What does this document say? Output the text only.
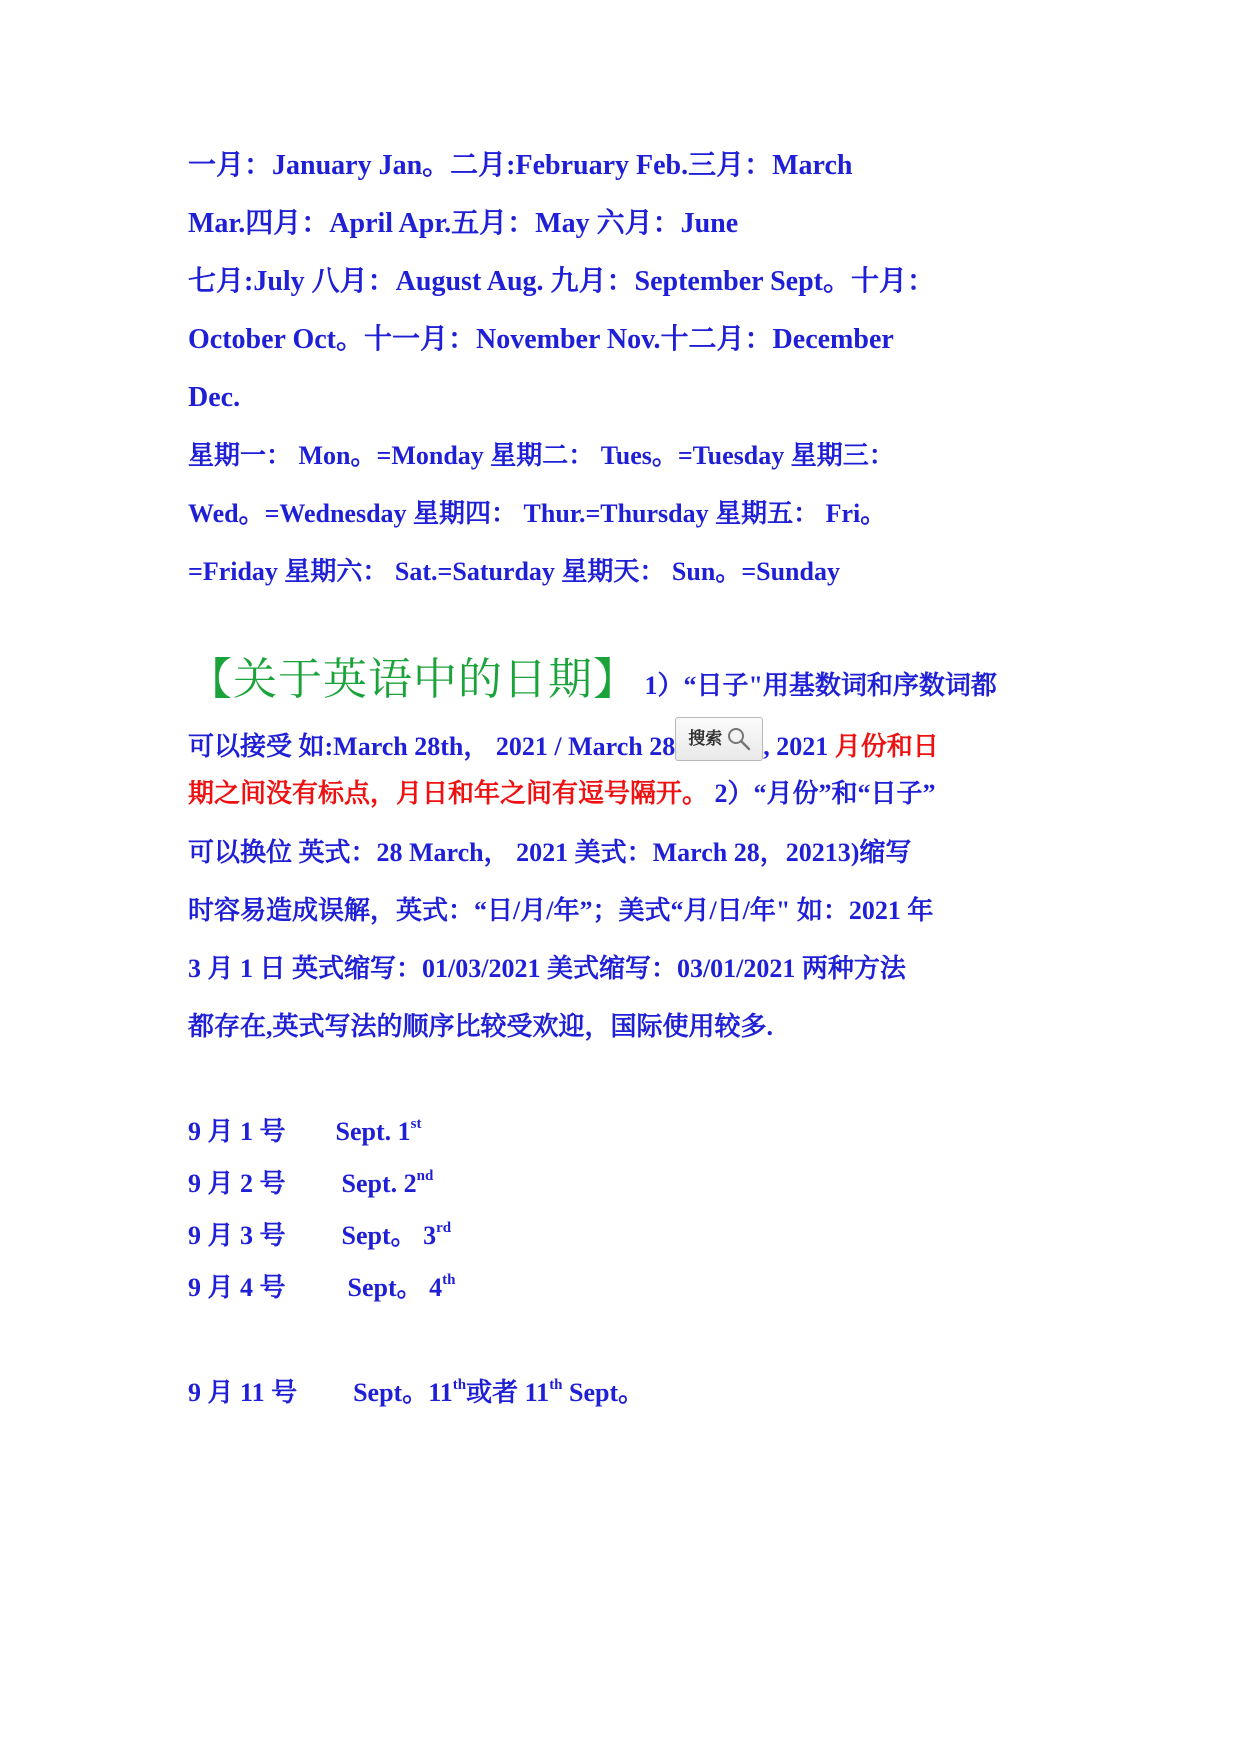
一月：January Jan。二月:February Feb.三月：March
Mar.四月：April Apr.五月：May 六月：June
七月:July 八月：August Aug. 九月：September Sept。十月：
October Oct。十一月：November Nov.十二月：December
Dec.
星期一： Mon。=Monday 星期二： Tues。=Tuesday 星期三：
Wed。=Wednesday 星期四： Thur.=Thursday 星期五： Fri。
=Friday 星期六： Sat.=Saturday 星期天： Sun。=Sunday
【关于英语中的日期】 1）“日子"用基数词和序数词都
可以接受 如:March 28th， 2021 / March 28 搜索 , 2021 月份和日
期之间没有标点，月日和年之间有逗号隔开。 2）“月份”和“日子”
可以换位 英式：28 March， 2021 美式：March 28，20213)缩写
时容易造成误解，英式：“日/月/年”；美式“月/日/年" 如：2021 年
3 月 1 日 英式缩写：01/03/2021 美式缩写：03/01/2021 两种方法
都存在,英式写法的顺序比较受欢迎，国际使用较多.
9 月 1 号 Sept. 1st
9 月 2 号 Sept. 2nd
9 月 3 号 Sept。 3rd
9 月 4 号 Sept。 4th
9 月 11 号 Sept。11th或者 11th Sept。
